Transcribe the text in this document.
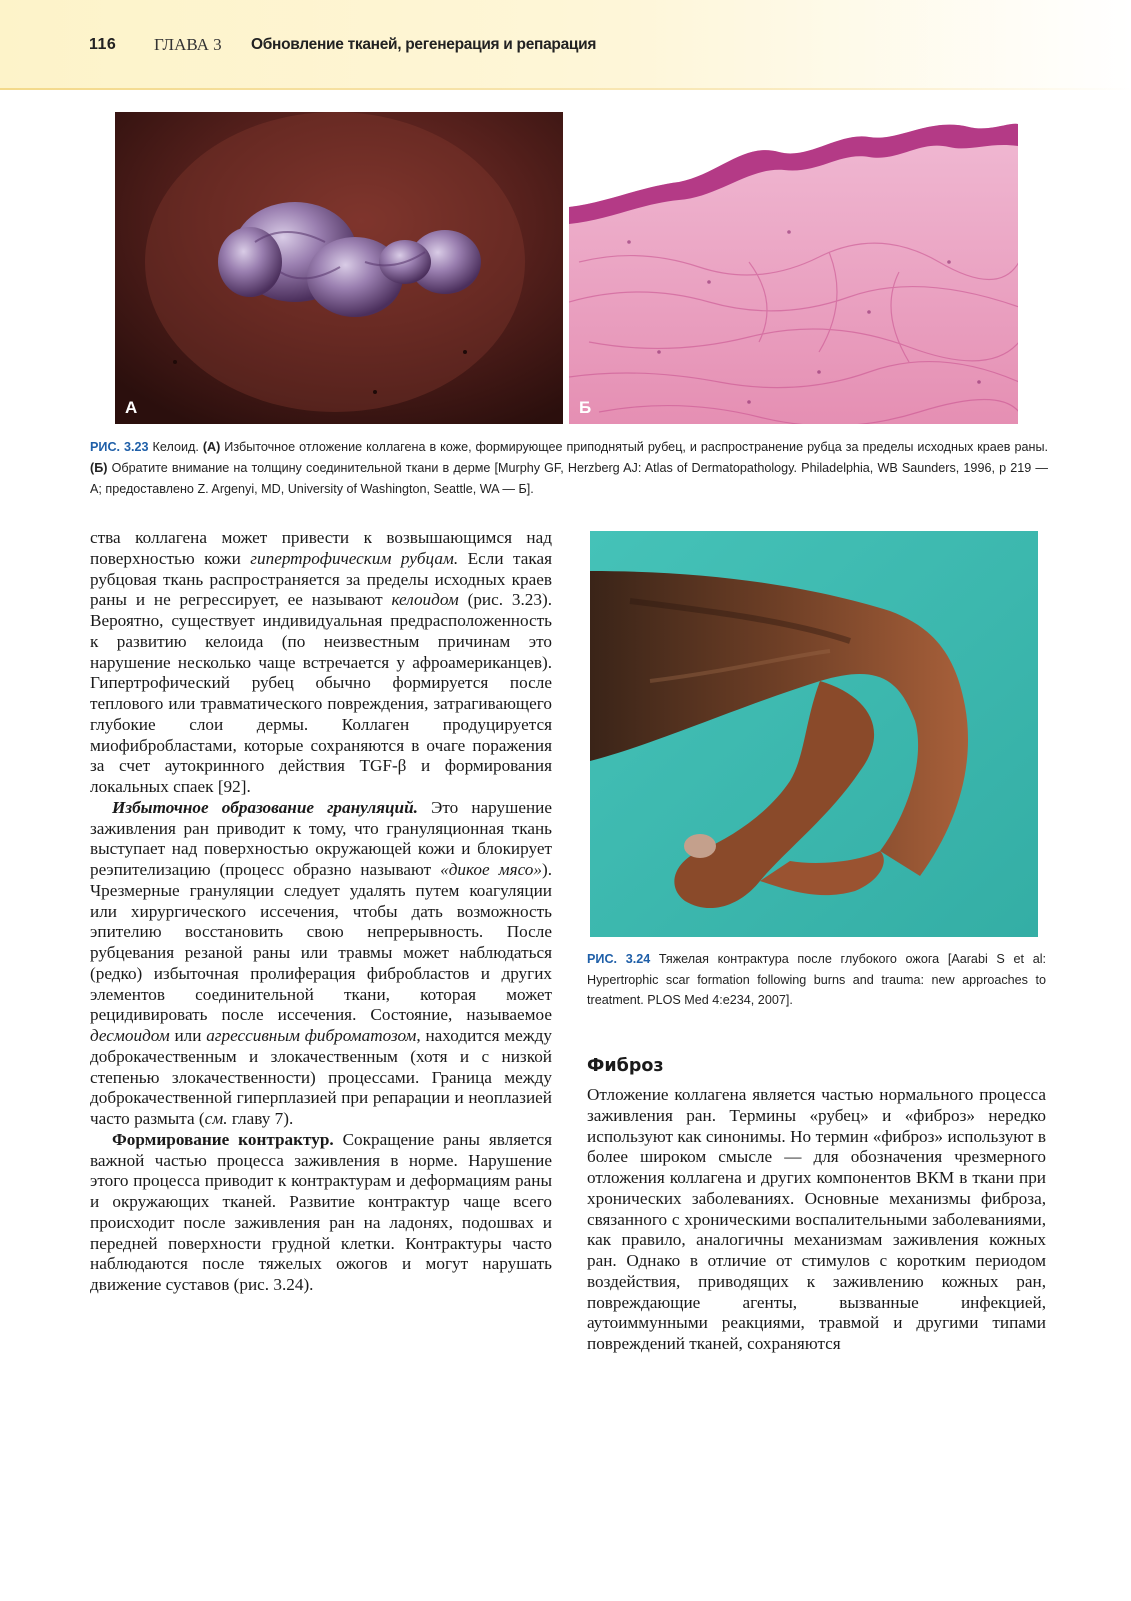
116 ГЛАВА 3 Обновление тканей, регенерация и репарация
А	Б
РИС. 3.23 Келоид. (А) Избыточное отложение коллагена в коже, формирующее приподнятый рубец, и распространение рубца за пределы исходных краев раны. (Б) Обратите внимание на толщину соединительной ткани в дерме [Murphy GF, Herzberg AJ: Atlas of Dermatopathology. Philadelphia, WB Saunders, 1996, p 219 — A; предоставлено Z. Argenyi, MD, University of Washington, Seattle, WA — Б].

ства коллагена может привести к возвышающимся над поверхностью кожи гипертрофическим рубцам. Если такая рубцовая ткань распространяется за пределы исходных краев раны и не регрессирует, ее называют келоидом (рис. 3.23). Вероятно, существует индивидуальная предрасположенность к развитию келоида (по неизвестным причинам это нарушение несколько чаще встречается у афроамериканцев). Гипертрофический рубец обычно формируется после теплового или травматического повреждения, затрагивающего глубокие слои дермы. Коллаген продуцируется миофибробластами, которые сохраняются в очаге поражения за счет аутокринного действия TGF-β и формирования локальных спаек [92].

Избыточное образование грануляций. Это нарушение заживления ран приводит к тому, что грануляционная ткань выступает над поверхностью окружающей кожи и блокирует реэпителизацию (процесс образно называют «дикое мясо»). Чрезмерные грануляции следует удалять путем коагуляции или хирургического иссечения, чтобы дать возможность эпителию восстановить свою непрерывность. После рубцевания резаной раны или травмы может наблюдаться (редко) избыточная пролиферация фибробластов и других элементов соединительной ткани, которая может рецидивировать после иссечения. Состояние, называемое десмоидом или агрессивным фиброматозом, находится между доброкачественным и злокачественным (хотя и с низкой степенью злокачественности) процессами. Граница между доброкачественной гиперплазией при репарации и неоплазией часто размыта (см. главу 7).

Формирование контрактур. Сокращение раны является важной частью процесса заживления в норме. Нарушение этого процесса приводит к контрактурам и деформациям раны и окружающих тканей. Развитие контрактур чаще всего происходит после заживления ран на ладонях, подошвах и передней поверхности грудной клетки. Контрактуры часто наблюдаются после тяжелых ожогов и могут нарушать движение суставов (рис. 3.24).

РИС. 3.24 Тяжелая контрактура после глубокого ожога [Aarabi S et al: Hypertrophic scar formation following burns and trauma: new approaches to treatment. PLOS Med 4:e234, 2007].
Фиброз

Отложение коллагена является частью нормального процесса заживления ран. Термины «рубец» и «фиброз» нередко используют как синонимы. Но термин «фиброз» используют в более широком смысле — для обозначения чрезмерного отложения коллагена и других компонентов ВКМ в ткани при хронических заболеваниях. Основные механизмы фиброза, связанного с хроническими воспалительными заболеваниями, как правило, аналогичны механизмам заживления кожных ран. Однако в отличие от стимулов с коротким периодом воздействия, приводящих к заживлению кожных ран, повреждающие агенты, вызванные инфекцией, аутоиммунными реакциями, травмой и другими типами повреждений тканей, сохраняются
